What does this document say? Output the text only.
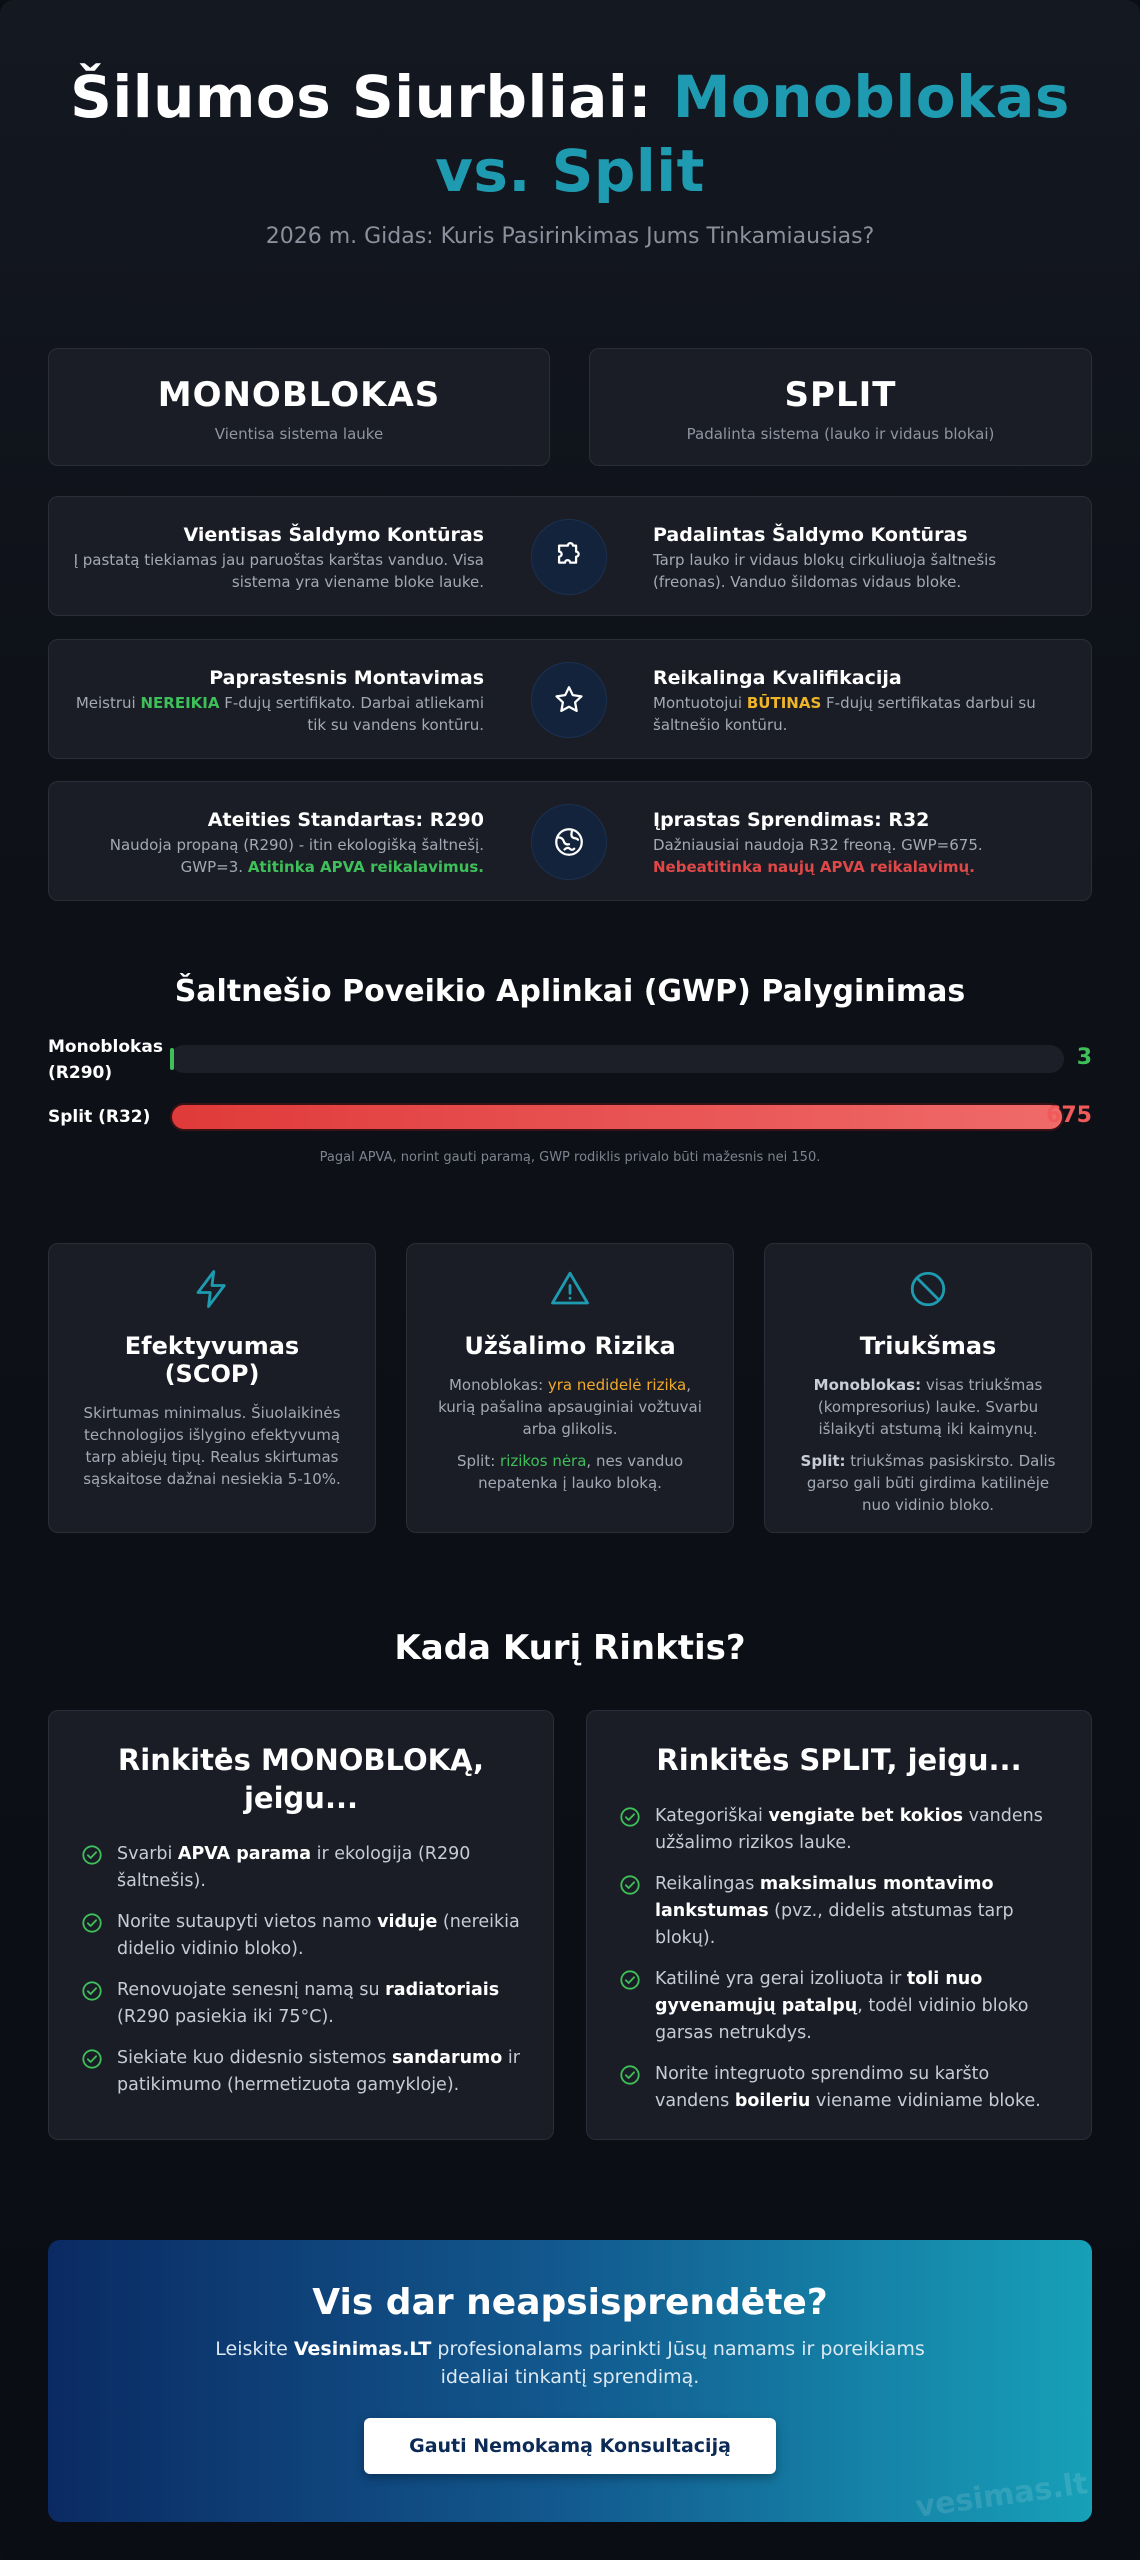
Šilumos Siurbliai: Monoblokas
vs. Split
2026 m. Gidas: Kuris Pasirinkimas Jums Tinkamiausias?
MONOBLOKAS
Vientisa sistema lauke
SPLIT
Padalinta sistema (lauko ir vidaus blokai)
Vientisas Šaldymo Kontūras
Į pastatą tiekiamas jau paruoštas karštas vanduo. Visa sistema yra viename bloke lauke.
Padalintas Šaldymo Kontūras
Tarp lauko ir vidaus blokų cirkuliuoja šaltnešis (freonas). Vanduo šildomas vidaus bloke.
Paprastesnis Montavimas
Meistrui NEREIKIA F-dujų sertifikato. Darbai atliekami tik su vandens kontūru.
Reikalinga Kvalifikacija
Montuotojui BŪTINAS F-dujų sertifikatas darbui su šaltnešio kontūru.
Ateities Standartas: R290
Naudoja propaną (R290) - itin ekologišką šaltnešį. GWP=3. Atitinka APVA reikalavimus.
Įprastas Sprendimas: R32
Dažniausiai naudoja R32 freoną. GWP=675.
Nebeatitinka naujų APVA reikalavimų.
Šaltnešio Poveikio Aplinkai (GWP) Palyginimas
Monoblokas
(R290)
3
Split (R32)	675
Pagal APVA, norint gauti paramą, GWP rodiklis privalo būti mažesnis nei 150.
Efektyvumas (SCOP)
Skirtumas minimalus. Šiuolaikinės technologijos išlygino efektyvumą tarp abiejų tipų. Realus skirtumas sąskaitose dažnai nesiekia 5-10%.
Užšalimo Rizika
Monoblokas: yra nedidelė rizika, kurią pašalina apsauginiai vožtuvai arba glikolis.
Split: rizikos nėra, nes vanduo nepatenka į lauko bloką.
Triukšmas
Monoblokas: visas triukšmas (kompresorius) lauke. Svarbu išlaikyti atstumą iki kaimynų.
Split: triukšmas pasiskirsto. Dalis garso gali būti girdima katilinėje nuo vidinio bloko.
Kada Kurį Rinktis?
Rinkitės MONOBLOKĄ, jeigu...
Svarbi APVA parama ir ekologija (R290 šaltnešis).
Norite sutaupyti vietos namo viduje (nereikia didelio vidinio bloko).
Renovuojate senesnį namą su radiatoriais (R290 pasiekia iki 75°C).
Siekiate kuo didesnio sistemos sandarumo ir patikimumo (hermetizuota gamykloje).
Rinkitės SPLIT, jeigu...
Kategoriškai vengiate bet kokios vandens užšalimo rizikos lauke.
Reikalingas maksimalus montavimo lankstumas (pvz., didelis atstumas tarp blokų).
Katilinė yra gerai izoliuota ir toli nuo gyvenamųjų patalpų, todėl vidinio bloko garsas netrukdys.
Norite integruoto sprendimo su karšto vandens boileriu viename vidiniame bloke.
Vis dar neapsisprendėte?
Leiskite Vesinimas.LT profesionalams parinkti Jūsų namams ir poreikiams idealiai tinkantį sprendimą.
Gauti Nemokamą Konsultaciją
vesimas.lt
